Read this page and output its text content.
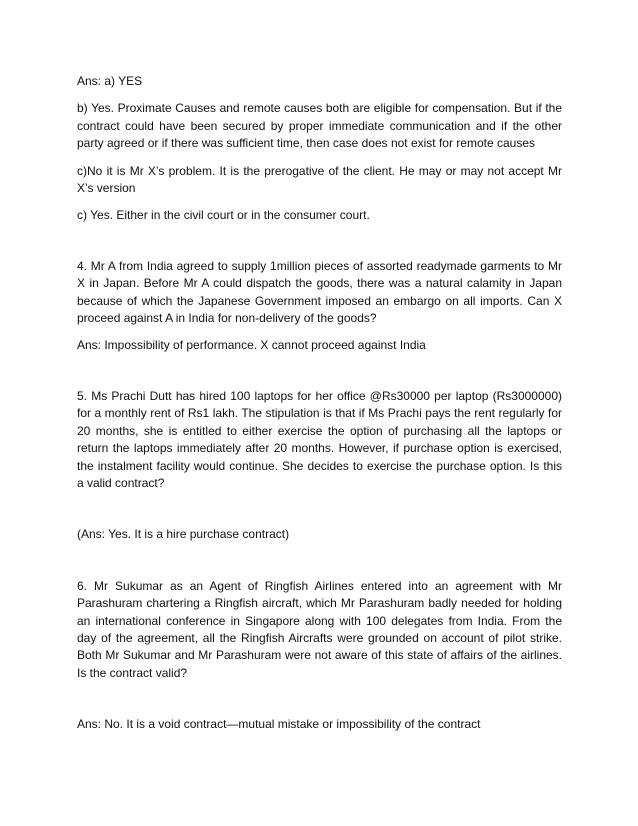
Ans: a) YES

b) Yes. Proximate Causes and remote causes both are eligible for compensation. But if the contract could have been secured by proper immediate communication and if the other party agreed or if there was sufficient time, then case does not exist for remote causes

c)No it is Mr X’s problem. It is the prerogative of the client. He may or may not accept Mr X’s version

c) Yes. Either in the civil court or in the consumer court.

4. Mr A from India agreed to supply 1million pieces of assorted readymade garments to Mr X in Japan. Before Mr A could dispatch the goods, there was a natural calamity in Japan because of which the Japanese Government imposed an embargo on all imports. Can X proceed against A in India for non-delivery of the goods?

Ans: Impossibility of performance. X cannot proceed against India

5. Ms Prachi Dutt has hired 100 laptops for her office @Rs30000 per laptop (Rs3000000) for a monthly rent of Rs1 lakh. The stipulation is that if Ms Prachi pays the rent regularly for 20 months, she is entitled to either exercise the option of purchasing all the laptops or return the laptops immediately after 20 months. However, if purchase option is exercised, the instalment facility would continue. She decides to exercise the purchase option. Is this a valid contract?

(Ans: Yes. It is a hire purchase contract)

6. Mr Sukumar as an Agent of Ringfish Airlines entered into an agreement with Mr Parashuram chartering a Ringfish aircraft, which Mr Parashuram badly needed for holding an international conference in Singapore along with 100 delegates from India. From the day of the agreement, all the Ringfish Aircrafts were grounded on account of pilot strike. Both Mr Sukumar and Mr Parashuram were not aware of this state of affairs of the airlines. Is the contract valid?

Ans: No. It is a void contract—mutual mistake or impossibility of the contract
